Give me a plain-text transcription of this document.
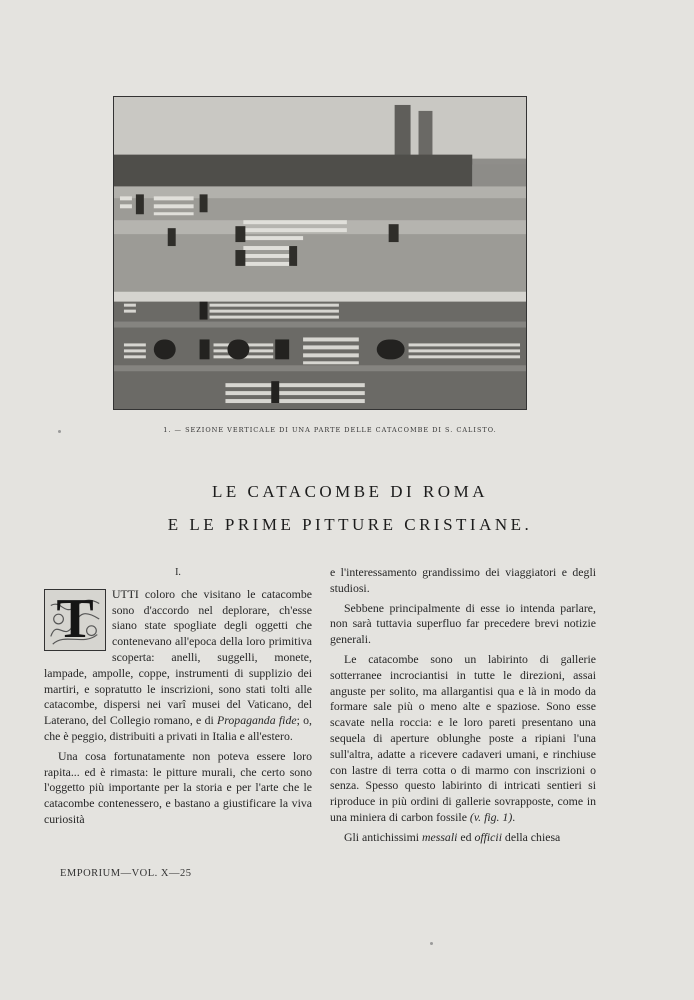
1. — SEZIONE VERTICALE DI UNA PARTE DELLE CATACOMBE DI S. CALISTO.
LE CATACOMBE DI ROMA
E LE PRIME PITTURE CRISTIANE.
I.

T	UTTI coloro che visitano le catacombe sono d'accordo nel deplorare, ch'esse siano state spogliate degli oggetti che contenevano all'epoca della loro primitiva scoperta: anelli, suggelli, monete, lampade, ampolle, coppe, instrumenti di supplizio dei martiri, e sopratutto le inscrizioni, sono stati tolti alle catacombe, dispersi nei varî musei del Vaticano, del Laterano, del Collegio romano, e di Propaganda fide; o, che è peggio, distribuiti a privati in Italia e all'estero.

Una cosa fortunatamente non poteva essere loro rapita... ed è rimasta: le pitture murali, che certo sono l'oggetto più importante per la storia e per l'arte che le catacombe contenessero, e bastano a giustificare la viva curiosità

e l'interessamento grandissimo dei viaggiatori e degli studiosi.

Sebbene principalmente di esse io intenda parlare, non sarà tuttavia superfluo far precedere brevi notizie generali.

Le catacombe sono un labirinto di gallerie sotterranee incrociantisi in tutte le direzioni, assai anguste per solito, ma allargantisi qua e là in modo da formare sale più o meno alte e spaziose. Sono esse scavate nella roccia: e le loro pareti presentano una sequela di aperture oblunghe poste a ripiani l'una sull'altra, adatte a ricevere cadaveri umani, e rinchiuse con lastre di terra cotta o di marmo con inscrizioni o senza. Spesso questo labirinto di intricati sentieri si riproduce in più ordini di gallerie sovrapposte, come in una miniera di carbon fossile (v. fig. 1).

Gli antichissimi messali ed officii della chiesa

EMPORIUM—VOL. X—25
